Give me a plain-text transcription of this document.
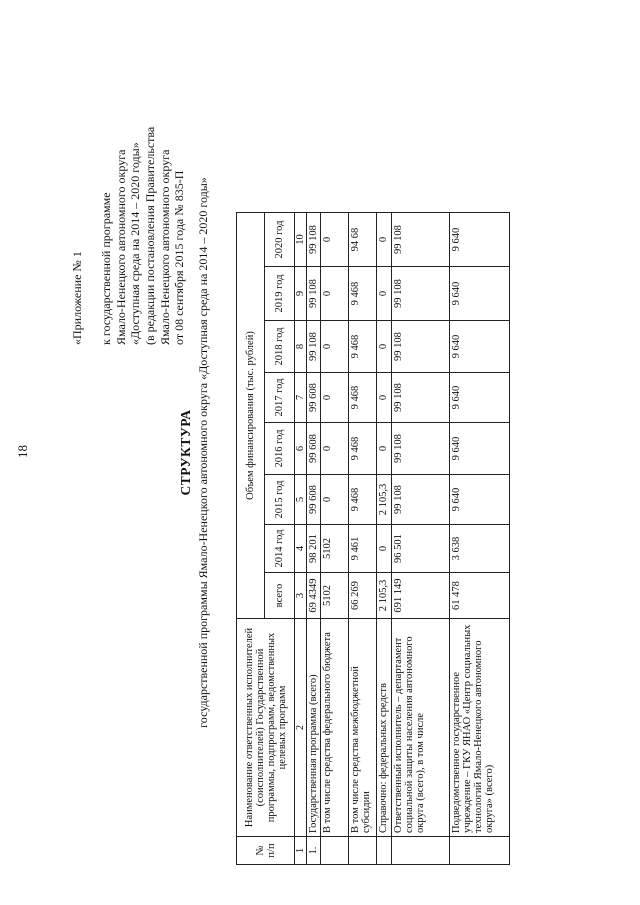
18
«Приложение № 1
к государственной программе Ямало-Ненецкого автономного округа «Доступная среда на 2014 – 2020 годы» (в редакции постановления Правительства Ямало-Ненецкого автономного округа от 08 сентября 2015 года № 835-П
СТРУКТУРА государственной программы Ямало-Ненецкого автономного округа «Доступная среда на 2014 – 2020 годы»
№ п/п	Наименование ответственных исполнителей (соисполнителей) Государственной программы, подпрограмм, ведомственных целевых программ	Объем финансирования (тыс. рублей)							
		всего	2014 год	2015 год	2016 год	2017 год	2018 год	2019 год	2020 год
1	2	3	4	5	6	7	8	9	10
1.	Государственная программа (всего)	69 4349	98 201	99 608	99 608	99 608	99 108	99 108	99 108
	В том числе средства федерального бюджета	5102	5102	0	0	0	0	0	0
	В том числе средства межбюджетной субсидии	66 269	9 461	9 468	9 468	9 468	9 468	9 468	94 68
	Справочно: федеральных средств	2 105,3	0	2 105,3	0	0	0	0	0
	Ответственный исполнитель – департамент социальной защиты населения автономного округа (всего), в том числе	691 149	96 501	99 108	99 108	99 108	99 108	99 108	99 108
	Подведомственное государственное учреждение – ГКУ ЯНАО «Центр социальных технологий Ямало-Ненецкого автономного округа» (всего)	61 478	3 638	9 640	9 640	9 640	9 640	9 640	9 640
